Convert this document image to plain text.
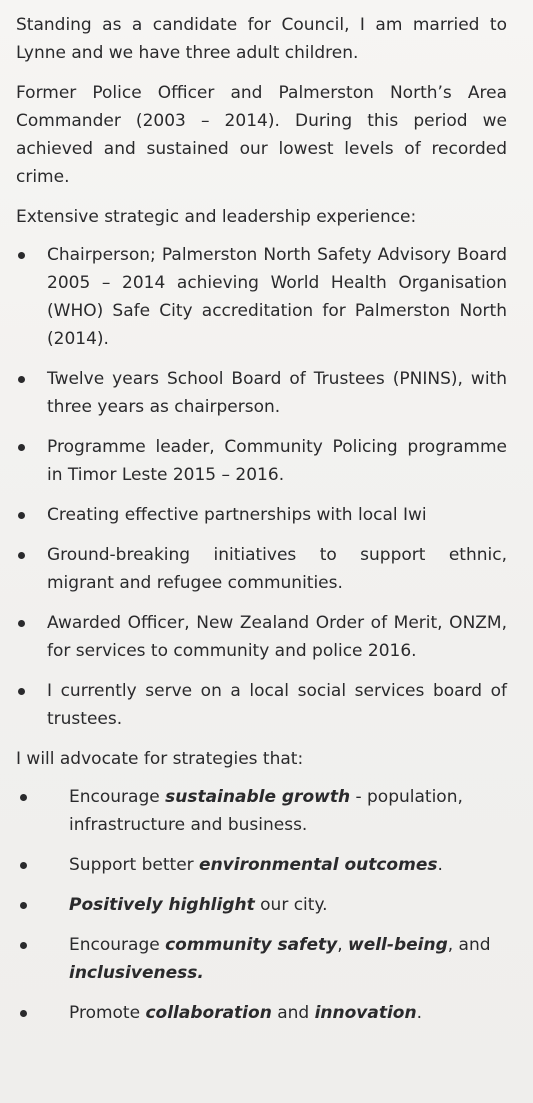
Standing as a candidate for Council, I am married to Lynne and we have three adult children.

Former Police Officer and Palmerston North’s Area Commander (2003 – 2014). During this period we achieved and sustained our lowest levels of recorded crime.

Extensive strategic and leadership experience:

Chairperson; Palmerston North Safety Advisory Board 2005 – 2014 achieving World Health Organisation (WHO) Safe City accreditation for Palmerston North (2014).
Twelve years School Board of Trustees (PNINS), with three years as chairperson.
Programme leader, Community Policing programme in Timor Leste 2015 – 2016.
Creating effective partnerships with local Iwi
Ground-breaking initiatives to support ethnic, migrant and refugee communities.
Awarded Officer, New Zealand Order of Merit, ONZM, for services to community and police 2016.
I currently serve on a local social services board of trustees.

I will advocate for strategies that:

Encourage sustainable growth - population, infrastructure and business.
Support better environmental outcomes.
Positively highlight our city.
Encourage community safety, well-being, and inclusiveness.
Promote collaboration and innovation.
